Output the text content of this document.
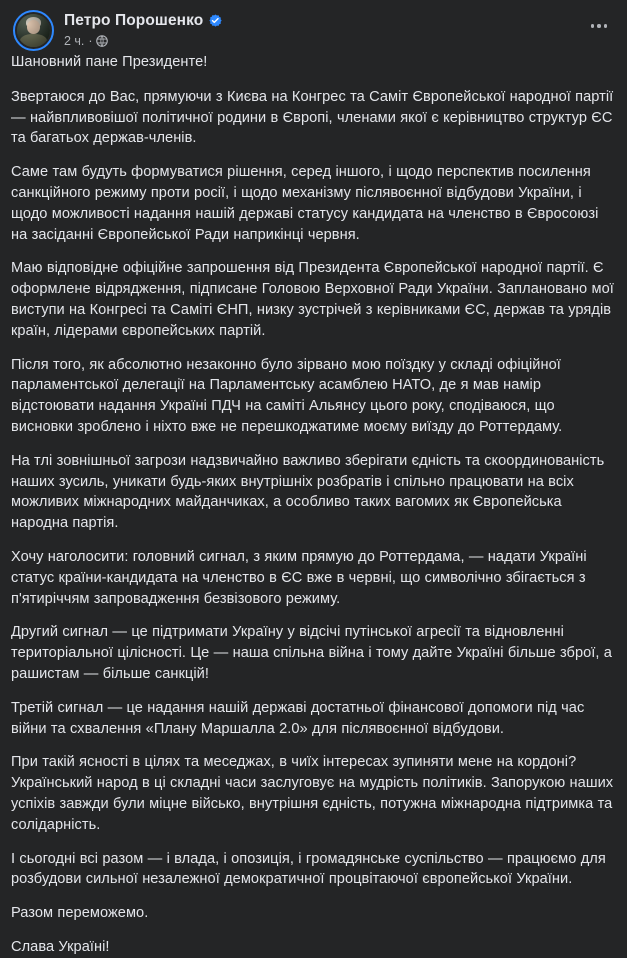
Петро Порошенко
2 ч. ·

Шановний пане Президенте!

Звертаюся до Вас, прямуючи з Києва на Конгрес та Саміт Європейської народної партії — найвпливовішої політичної родини в Європі, членами якої є керівництво структур ЄС та багатьох держав-членів.

Саме там будуть формуватися рішення, серед іншого, і щодо перспектив посилення санкційного режиму проти росії, і щодо механізму післявоєнної відбудови України, і щодо можливості надання нашій державі статусу кандидата на членство в Євросоюзі на засіданні Європейської Ради наприкінці червня.

Маю відповідне офіційне запрошення від Президента Європейської народної партії. Є оформлене відрядження, підписане Головою Верховної Ради України. Заплановано мої виступи на Конгресі та Саміті ЄНП, низку зустрічей з керівниками ЄС, держав та урядів країн, лідерами європейських партій.

Після того, як абсолютно незаконно було зірвано мою поїздку у складі офіційної парламентської делегації на Парламентську асамблею НАТО, де я мав намір відстоювати надання Україні ПДЧ на саміті Альянсу цього року, сподіваюся, що висновки зроблено і ніхто вже не перешкоджатиме моєму виїзду до Роттердаму.

На тлі зовнішньої загрози надзвичайно важливо зберігати єдність та скоординованість наших зусиль, уникати будь-яких внутрішніх розбратів і спільно працювати на всіх можливих міжнародних майданчиках, а особливо таких вагомих як Європейська народна партія.

Хочу наголосити: головний сигнал, з яким прямую до Роттердама, — надати Україні статус країни-кандидата на членство в ЄС вже в червні, що символічно збігається з п'ятиріччям запровадження безвізового режиму.

Другий сигнал — це підтримати Україну у відсічі путінської агресії та відновленні територіальної цілісності. Це — наша спільна війна і тому дайте Україні більше зброї, а рашистам — більше санкцій!

Третій сигнал — це надання нашій державі достатньої фінансової допомоги під час війни та схвалення «Плану Маршалла 2.0» для післявоєнної відбудови.

При такій ясності в цілях та меседжах, в чиїх інтересах зупиняти мене на кордоні? Український народ в ці складні часи заслуговує на мудрість політиків. Запорукою наших успіхів завжди були міцне військо, внутрішня єдність, потужна міжнародна підтримка та солідарність.

І сьогодні всі разом — і влада, і опозиція, і громадянське суспільство — працюємо для розбудови сильної незалежної демократичної процвітаючої європейської України.

Разом переможемо.

Слава Україні!
